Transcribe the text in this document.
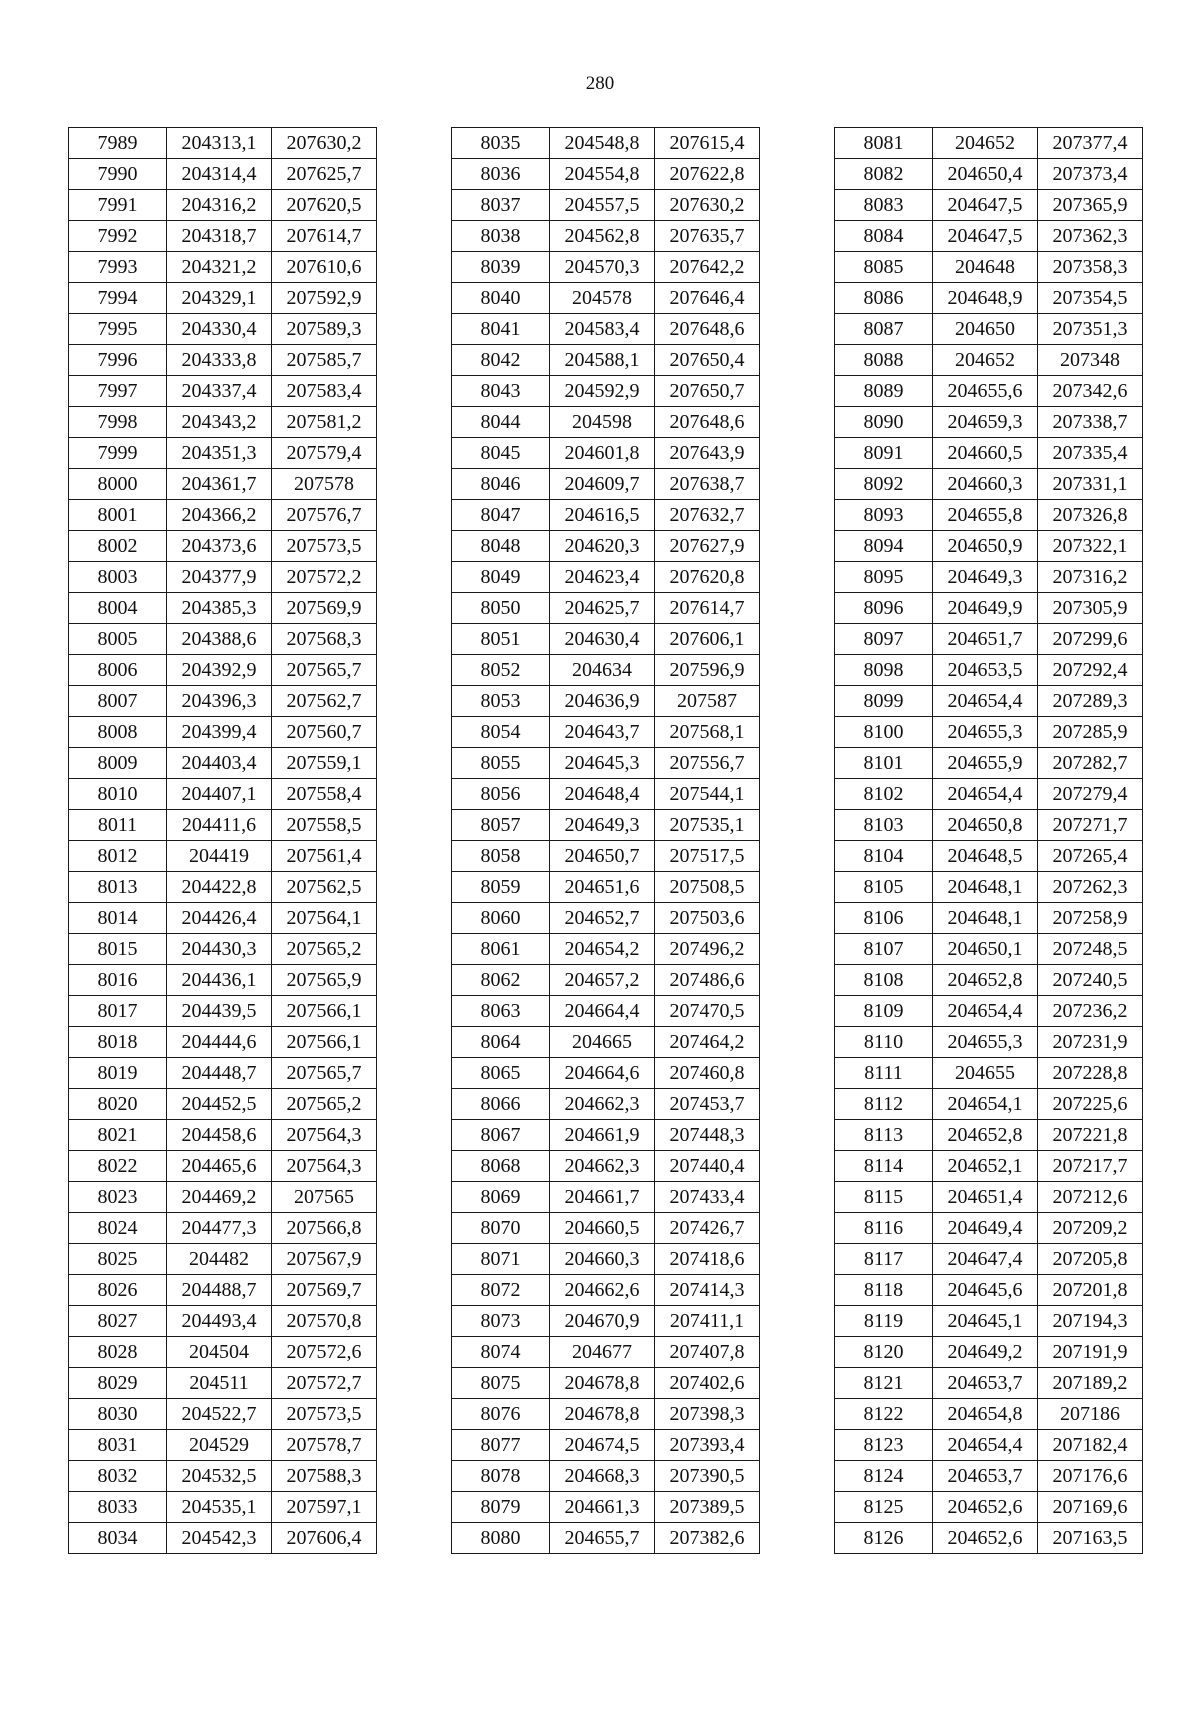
280
7989	204313,1	207630,2
7990	204314,4	207625,7
7991	204316,2	207620,5
7992	204318,7	207614,7
7993	204321,2	207610,6
7994	204329,1	207592,9
7995	204330,4	207589,3
7996	204333,8	207585,7
7997	204337,4	207583,4
7998	204343,2	207581,2
7999	204351,3	207579,4
8000	204361,7	207578
8001	204366,2	207576,7
8002	204373,6	207573,5
8003	204377,9	207572,2
8004	204385,3	207569,9
8005	204388,6	207568,3
8006	204392,9	207565,7
8007	204396,3	207562,7
8008	204399,4	207560,7
8009	204403,4	207559,1
8010	204407,1	207558,4
8011	204411,6	207558,5
8012	204419	207561,4
8013	204422,8	207562,5
8014	204426,4	207564,1
8015	204430,3	207565,2
8016	204436,1	207565,9
8017	204439,5	207566,1
8018	204444,6	207566,1
8019	204448,7	207565,7
8020	204452,5	207565,2
8021	204458,6	207564,3
8022	204465,6	207564,3
8023	204469,2	207565
8024	204477,3	207566,8
8025	204482	207567,9
8026	204488,7	207569,7
8027	204493,4	207570,8
8028	204504	207572,6
8029	204511	207572,7
8030	204522,7	207573,5
8031	204529	207578,7
8032	204532,5	207588,3
8033	204535,1	207597,1
8034	204542,3	207606,4
8035	204548,8	207615,4
8036	204554,8	207622,8
8037	204557,5	207630,2
8038	204562,8	207635,7
8039	204570,3	207642,2
8040	204578	207646,4
8041	204583,4	207648,6
8042	204588,1	207650,4
8043	204592,9	207650,7
8044	204598	207648,6
8045	204601,8	207643,9
8046	204609,7	207638,7
8047	204616,5	207632,7
8048	204620,3	207627,9
8049	204623,4	207620,8
8050	204625,7	207614,7
8051	204630,4	207606,1
8052	204634	207596,9
8053	204636,9	207587
8054	204643,7	207568,1
8055	204645,3	207556,7
8056	204648,4	207544,1
8057	204649,3	207535,1
8058	204650,7	207517,5
8059	204651,6	207508,5
8060	204652,7	207503,6
8061	204654,2	207496,2
8062	204657,2	207486,6
8063	204664,4	207470,5
8064	204665	207464,2
8065	204664,6	207460,8
8066	204662,3	207453,7
8067	204661,9	207448,3
8068	204662,3	207440,4
8069	204661,7	207433,4
8070	204660,5	207426,7
8071	204660,3	207418,6
8072	204662,6	207414,3
8073	204670,9	207411,1
8074	204677	207407,8
8075	204678,8	207402,6
8076	204678,8	207398,3
8077	204674,5	207393,4
8078	204668,3	207390,5
8079	204661,3	207389,5
8080	204655,7	207382,6
8081	204652	207377,4
8082	204650,4	207373,4
8083	204647,5	207365,9
8084	204647,5	207362,3
8085	204648	207358,3
8086	204648,9	207354,5
8087	204650	207351,3
8088	204652	207348
8089	204655,6	207342,6
8090	204659,3	207338,7
8091	204660,5	207335,4
8092	204660,3	207331,1
8093	204655,8	207326,8
8094	204650,9	207322,1
8095	204649,3	207316,2
8096	204649,9	207305,9
8097	204651,7	207299,6
8098	204653,5	207292,4
8099	204654,4	207289,3
8100	204655,3	207285,9
8101	204655,9	207282,7
8102	204654,4	207279,4
8103	204650,8	207271,7
8104	204648,5	207265,4
8105	204648,1	207262,3
8106	204648,1	207258,9
8107	204650,1	207248,5
8108	204652,8	207240,5
8109	204654,4	207236,2
8110	204655,3	207231,9
8111	204655	207228,8
8112	204654,1	207225,6
8113	204652,8	207221,8
8114	204652,1	207217,7
8115	204651,4	207212,6
8116	204649,4	207209,2
8117	204647,4	207205,8
8118	204645,6	207201,8
8119	204645,1	207194,3
8120	204649,2	207191,9
8121	204653,7	207189,2
8122	204654,8	207186
8123	204654,4	207182,4
8124	204653,7	207176,6
8125	204652,6	207169,6
8126	204652,6	207163,5
